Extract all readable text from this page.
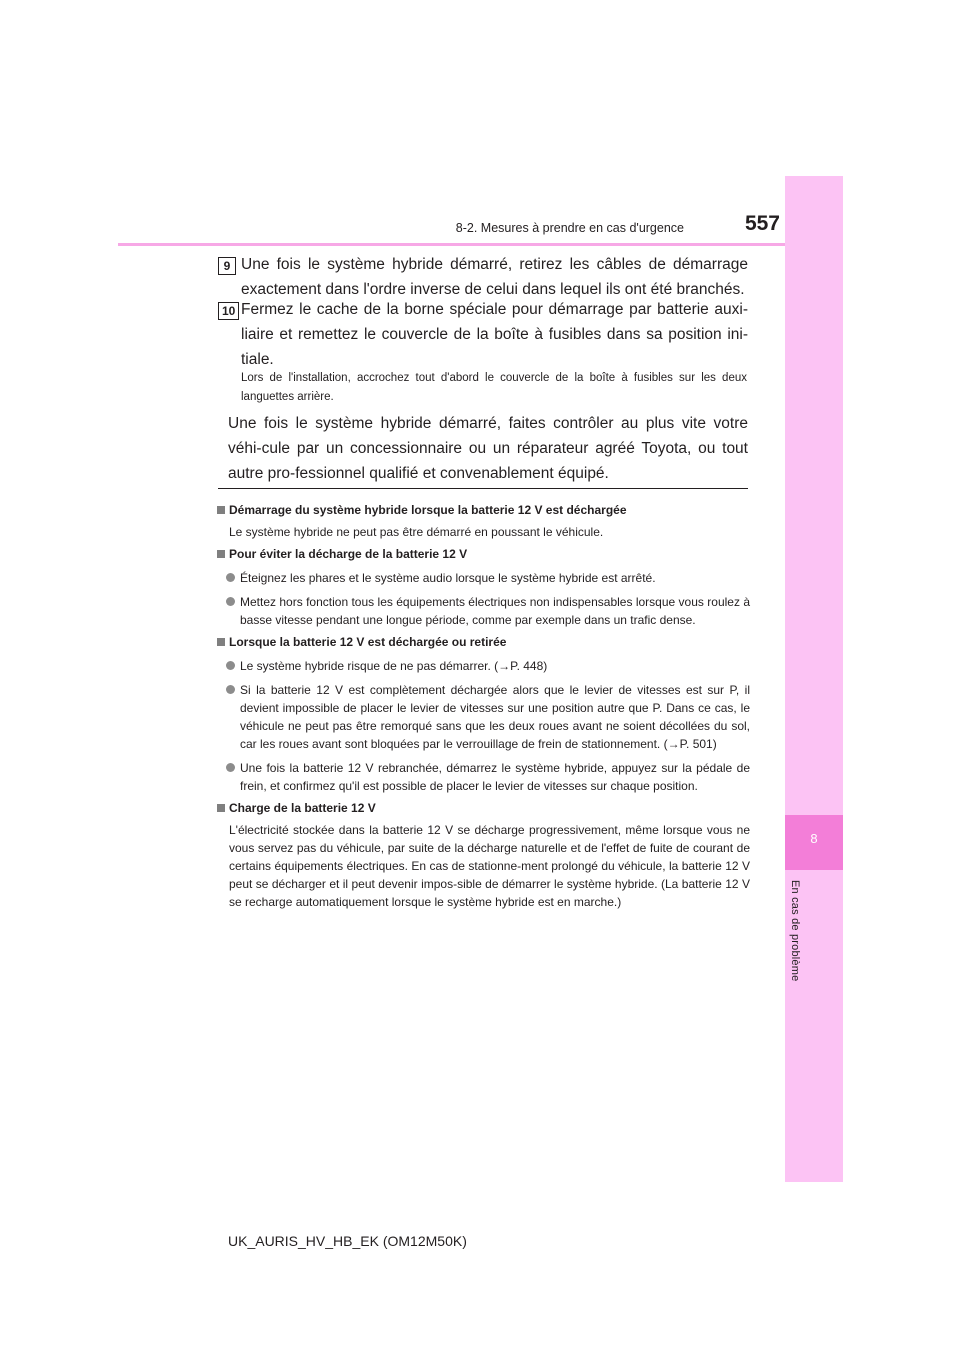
8
En cas de problème
8-2. Mesures à prendre en cas d'urgence	557
9 Une fois le système hybride démarré, retirez les câbles de démarrage exactement dans l'ordre inverse de celui dans lequel ils ont été branchés.
10 Fermez le cache de la borne spéciale pour démarrage par batterie auxi-liaire et remettez le couvercle de la boîte à fusibles dans sa position ini-tiale.
Lors de l'installation, accrochez tout d'abord le couvercle de la boîte à fusibles sur les deux languettes arrière.
Une fois le système hybride démarré, faites contrôler au plus vite votre véhi-cule par un concessionnaire ou un réparateur agréé Toyota, ou tout autre pro-fessionnel qualifié et convenablement équipé.
Démarrage du système hybride lorsque la batterie 12 V est déchargée
Le système hybride ne peut pas être démarré en poussant le véhicule.
Pour éviter la décharge de la batterie 12 V
Éteignez les phares et le système audio lorsque le système hybride est arrêté.
Mettez hors fonction tous les équipements électriques non indispensables lorsque vous roulez à basse vitesse pendant une longue période, comme par exemple dans un trafic dense.
Lorsque la batterie 12 V est déchargée ou retirée
Le système hybride risque de ne pas démarrer. (→P. 448)
Si la batterie 12 V est complètement déchargée alors que le levier de vitesses est sur P, il devient impossible de placer le levier de vitesses sur une position autre que P. Dans ce cas, le véhicule ne peut pas être remorqué sans que les deux roues avant ne soient décollées du sol, car les roues avant sont bloquées par le verrouillage de frein de stationnement. (→P. 501)
Une fois la batterie 12 V rebranchée, démarrez le système hybride, appuyez sur la pédale de frein, et confirmez qu'il est possible de placer le levier de vitesses sur chaque position.
Charge de la batterie 12 V
L'électricité stockée dans la batterie 12 V se décharge progressivement, même lorsque vous ne vous servez pas du véhicule, par suite de la décharge naturelle et de l'effet de fuite de courant de certains équipements électriques. En cas de stationne-ment prolongé du véhicule, la batterie 12 V peut se décharger et il peut devenir impos-sible de démarrer le système hybride. (La batterie 12 V se recharge automatiquement lorsque le système hybride est en marche.)
UK_AURIS_HV_HB_EK (OM12M50K)
